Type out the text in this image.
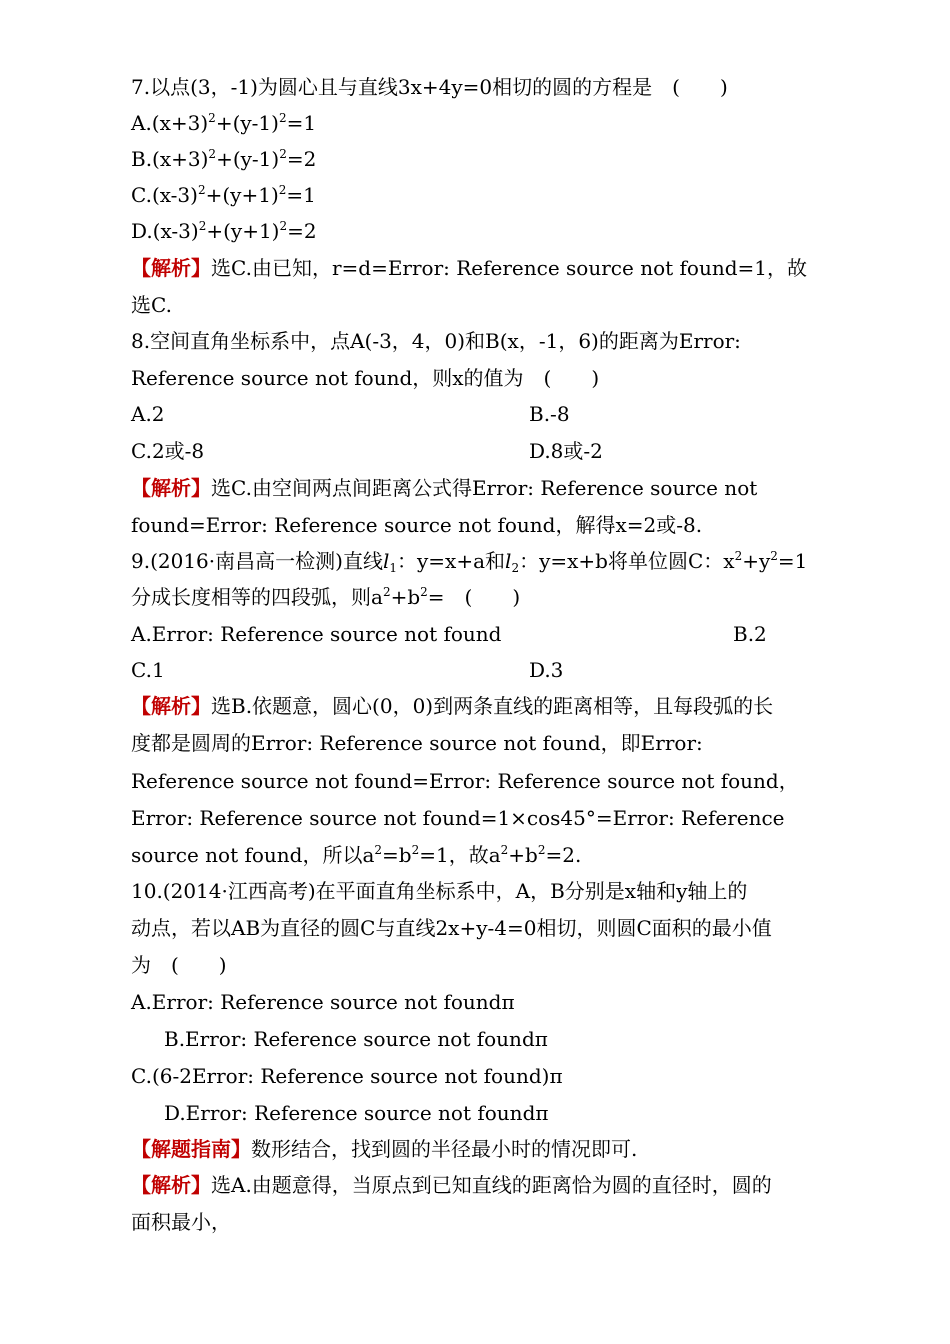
7.以点(3，-1)为圆心且与直线3x+4y=0相切的圆的方程是　(　　)
$A.(x+3)^2+(y-1)^2=1$
$B.(x+3)^2+(y-1)^2=2$
$C.(x-3)^2+(y+1)^2=1$
$D.(x-3)^2+(y+1)^2=2$
【解析】选C.由已知，r=d=Error: Reference source not found=1，故
选C.
8.空间直角坐标系中，点A(-3，4，0)和B(x，-1，6)的距离为Error:
Reference source not found，则x的值为　(　　)
A.2	B.-8
C.2或-8	D.8或-2
【解析】选C.由空间两点间距离公式得Error: Reference source not
found=Error: Reference source not found，解得x=2或-8.
9.(2016·南昌高一检测)直线$l_1$：y=x+a和$l_2$：y=x+b将单位圆C：$x^2+y^2=1$
分成长度相等的四段弧，则$a^2+b^2=$　(　　)
A.Error: Reference source not found	B.2
C.1	D.3
【解析】选B.依题意，圆心(0，0)到两条直线的距离相等，且每段弧的长
度都是圆周的Error: Reference source not found，即Error:
Reference source not found=Error: Reference source not found，
Error: Reference source not found=1×cos45°=Error: Reference
source not found，所以$a^2=b^2=1$，故$a^2+b^2=2$.
10.(2014·江西高考)在平面直角坐标系中，A，B分别是x轴和y轴上的
动点，若以AB为直径的圆C与直线2x+y-4=0相切，则圆C面积的最小值
为　(　　)
A.Error: Reference source not foundπ
B.Error: Reference source not foundπ
C.(6-2Error: Reference source not found)π
D.Error: Reference source not foundπ
【解题指南】数形结合，找到圆的半径最小时的情况即可.
【解析】选A.由题意得，当原点到已知直线的距离恰为圆的直径时，圆的
面积最小，
